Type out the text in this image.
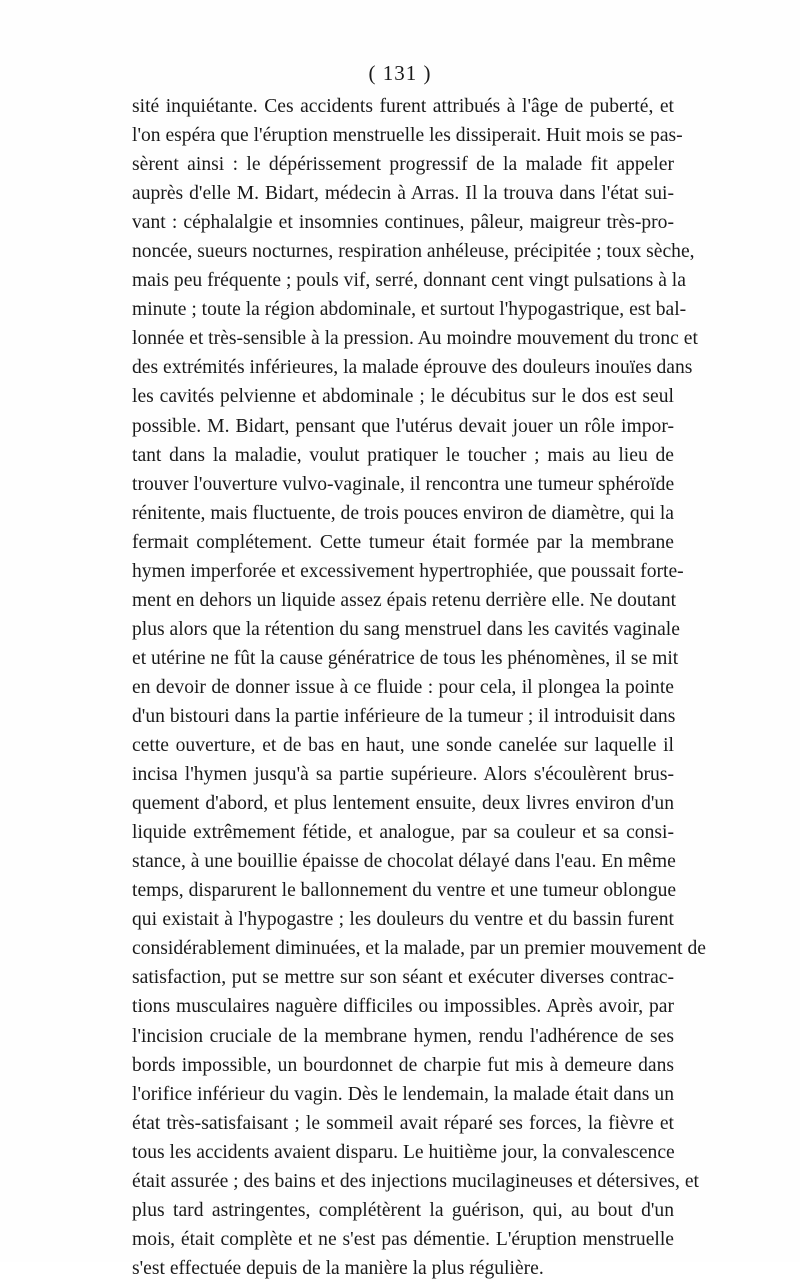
( 131 )
sité inquiétante. Ces accidents furent attribués à l'âge de puberté, et
l'on espéra que l'éruption menstruelle les dissiperait. Huit mois se pas-
sèrent ainsi : le dépérissement progressif de la malade fit appeler
auprès d'elle M. Bidart, médecin à Arras. Il la trouva dans l'état sui-
vant : céphalalgie et insomnies continues, pâleur, maigreur très-pro-
noncée, sueurs nocturnes, respiration anhéleuse, précipitée ; toux sèche,
mais peu fréquente ; pouls vif, serré, donnant cent vingt pulsations à la
minute ; toute la région abdominale, et surtout l'hypogastrique, est bal-
lonnée et très-sensible à la pression. Au moindre mouvement du tronc et
des extrémités inférieures, la malade éprouve des douleurs inouïes dans
les cavités pelvienne et abdominale ; le décubitus sur le dos est seul
possible. M. Bidart, pensant que l'utérus devait jouer un rôle impor-
tant dans la maladie, voulut pratiquer le toucher ; mais au lieu de
trouver l'ouverture vulvo-vaginale, il rencontra une tumeur sphéroïde
rénitente, mais fluctuente, de trois pouces environ de diamètre, qui la
fermait complétement. Cette tumeur était formée par la membrane
hymen imperforée et excessivement hypertrophiée, que poussait forte-
ment en dehors un liquide assez épais retenu derrière elle. Ne doutant
plus alors que la rétention du sang menstruel dans les cavités vaginale
et utérine ne fût la cause génératrice de tous les phénomènes, il se mit
en devoir de donner issue à ce fluide : pour cela, il plongea la pointe
d'un bistouri dans la partie inférieure de la tumeur ; il introduisit dans
cette ouverture, et de bas en haut, une sonde canelée sur laquelle il
incisa l'hymen jusqu'à sa partie supérieure. Alors s'écoulèrent brus-
quement d'abord, et plus lentement ensuite, deux livres environ d'un
liquide extrêmement fétide, et analogue, par sa couleur et sa consi-
stance, à une bouillie épaisse de chocolat délayé dans l'eau. En même
temps, disparurent le ballonnement du ventre et une tumeur oblongue
qui existait à l'hypogastre ; les douleurs du ventre et du bassin furent
considérablement diminuées, et la malade, par un premier mouvement de
satisfaction, put se mettre sur son séant et exécuter diverses contrac-
tions musculaires naguère difficiles ou impossibles. Après avoir, par
l'incision cruciale de la membrane hymen, rendu l'adhérence de ses
bords impossible, un bourdonnet de charpie fut mis à demeure dans
l'orifice inférieur du vagin. Dès le lendemain, la malade était dans un
état très-satisfaisant ; le sommeil avait réparé ses forces, la fièvre et
tous les accidents avaient disparu. Le huitième jour, la convalescence
était assurée ; des bains et des injections mucilagineuses et détersives, et
plus tard astringentes, complétèrent la guérison, qui, au bout d'un
mois, était complète et ne s'est pas démentie. L'éruption menstruelle
s'est effectuée depuis de la manière la plus régulière.
